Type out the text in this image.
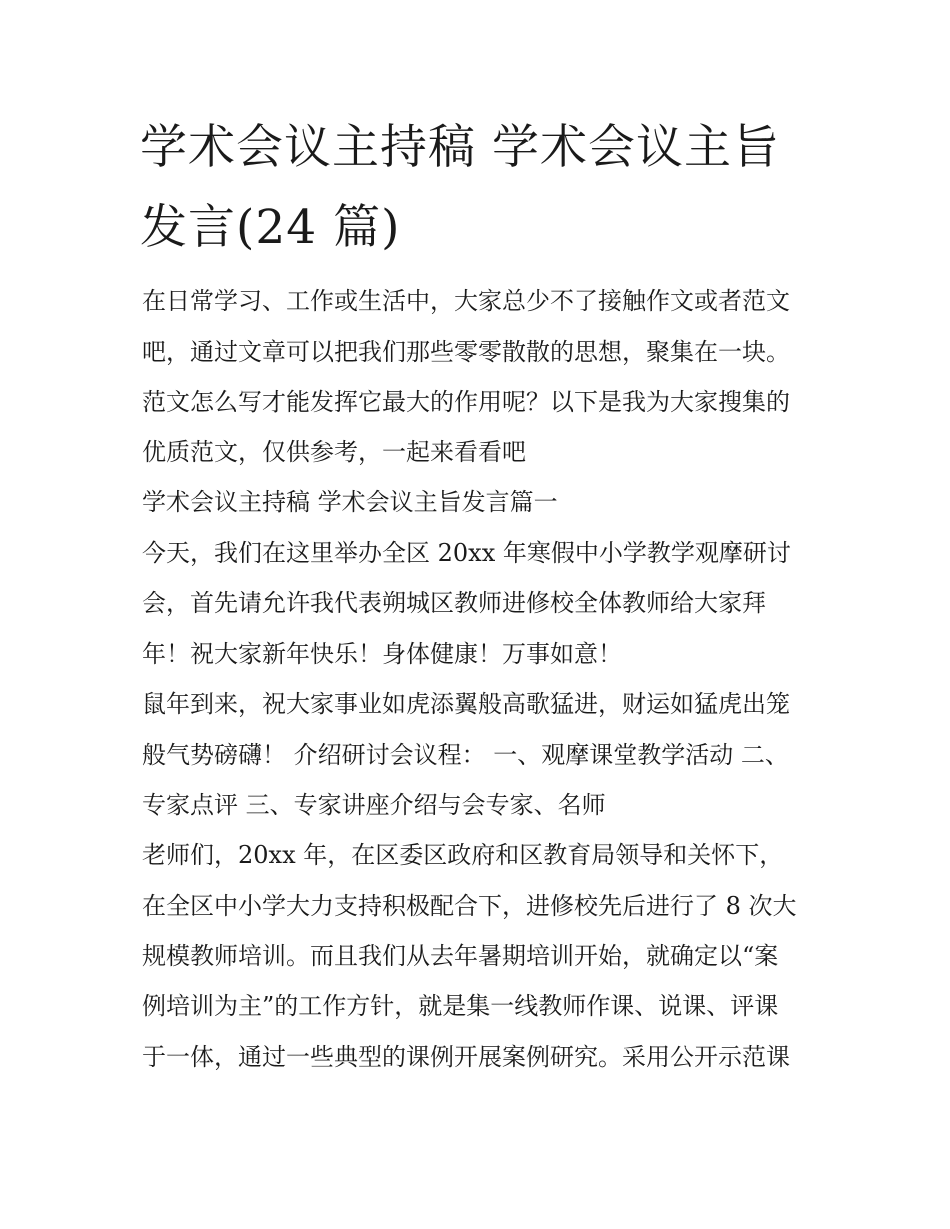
学术会议主持稿 学术会议主旨
发言(24 篇)
在日常学习、工作或生活中，大家总少不了接触作文或者范文
吧，通过文章可以把我们那些零零散散的思想，聚集在一块。
范文怎么写才能发挥它最大的作用呢？以下是我为大家搜集的
优质范文，仅供参考，一起来看看吧
学术会议主持稿 学术会议主旨发言篇一
今天，我们在这里举办全区 20xx 年寒假中小学教学观摩研讨
会，首先请允许我代表朔城区教师进修校全体教师给大家拜
年！祝大家新年快乐！身体健康！万事如意！
鼠年到来，祝大家事业如虎添翼般高歌猛进，财运如猛虎出笼
般气势磅礴！ 介绍研讨会议程： 一、观摩课堂教学活动 二、
专家点评 三、专家讲座介绍与会专家、名师
老师们，20xx 年，在区委区政府和区教育局领导和关怀下，
在全区中小学大力支持积极配合下，进修校先后进行了 8 次大
规模教师培训。而且我们从去年暑期培训开始，就确定以“案
例培训为主”的工作方针，就是集一线教师作课、说课、评课
于一体，通过一些典型的课例开展案例研究。采用公开示范课
